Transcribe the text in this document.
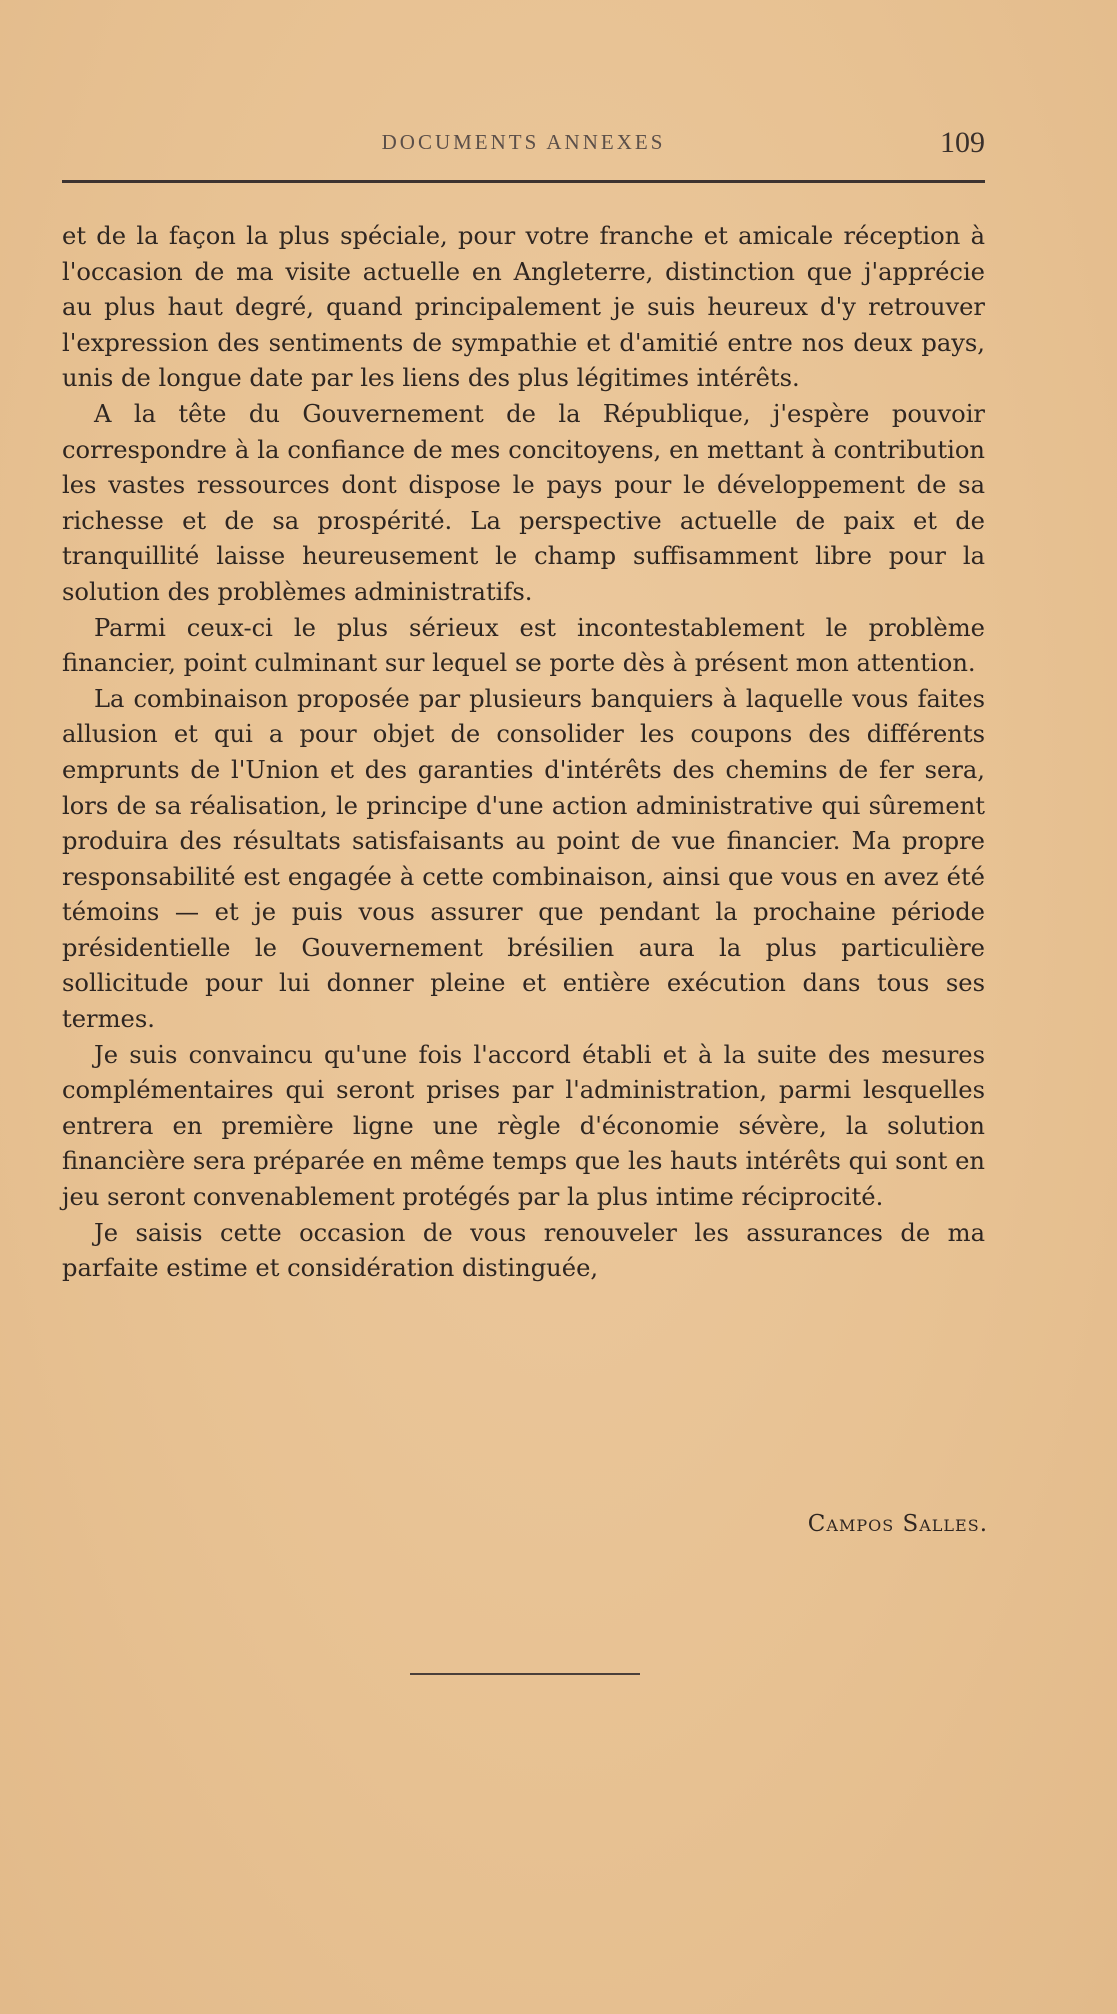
DOCUMENTS ANNEXES	109

et de la façon la plus spéciale, pour votre franche et amicale réception à l'occasion de ma visite actuelle en Angleterre, distinction que j'apprécie au plus haut degré, quand principalement je suis heureux d'y retrouver l'expression des sentiments de sympathie et d'amitié entre nos deux pays, unis de longue date par les liens des plus légitimes intérêts.

A la tête du Gouvernement de la République, j'espère pouvoir correspondre à la confiance de mes concitoyens, en mettant à contribution les vastes ressources dont dispose le pays pour le développement de sa richesse et de sa prospérité. La perspective actuelle de paix et de tranquillité laisse heureusement le champ suffisamment libre pour la solution des problèmes administratifs.

Parmi ceux-ci le plus sérieux est incontestablement le problème financier, point culminant sur lequel se porte dès à présent mon attention.

La combinaison proposée par plusieurs banquiers à laquelle vous faites allusion et qui a pour objet de consolider les coupons des différents emprunts de l'Union et des garanties d'intérêts des chemins de fer sera, lors de sa réalisation, le principe d'une action administrative qui sûrement produira des résultats satisfaisants au point de vue financier. Ma propre responsabilité est engagée à cette combinaison, ainsi que vous en avez été témoins — et je puis vous assurer que pendant la prochaine période présidentielle le Gouvernement brésilien aura la plus particulière sollicitude pour lui donner pleine et entière exécution dans tous ses termes.

Je suis convaincu qu'une fois l'accord établi et à la suite des mesures complémentaires qui seront prises par l'administration, parmi lesquelles entrera en première ligne une règle d'économie sévère, la solution financière sera préparée en même temps que les hauts intérêts qui sont en jeu seront convenablement protégés par la plus intime réciprocité.

Je saisis cette occasion de vous renouveler les assurances de ma parfaite estime et considération distinguée,

Campos Salles.
